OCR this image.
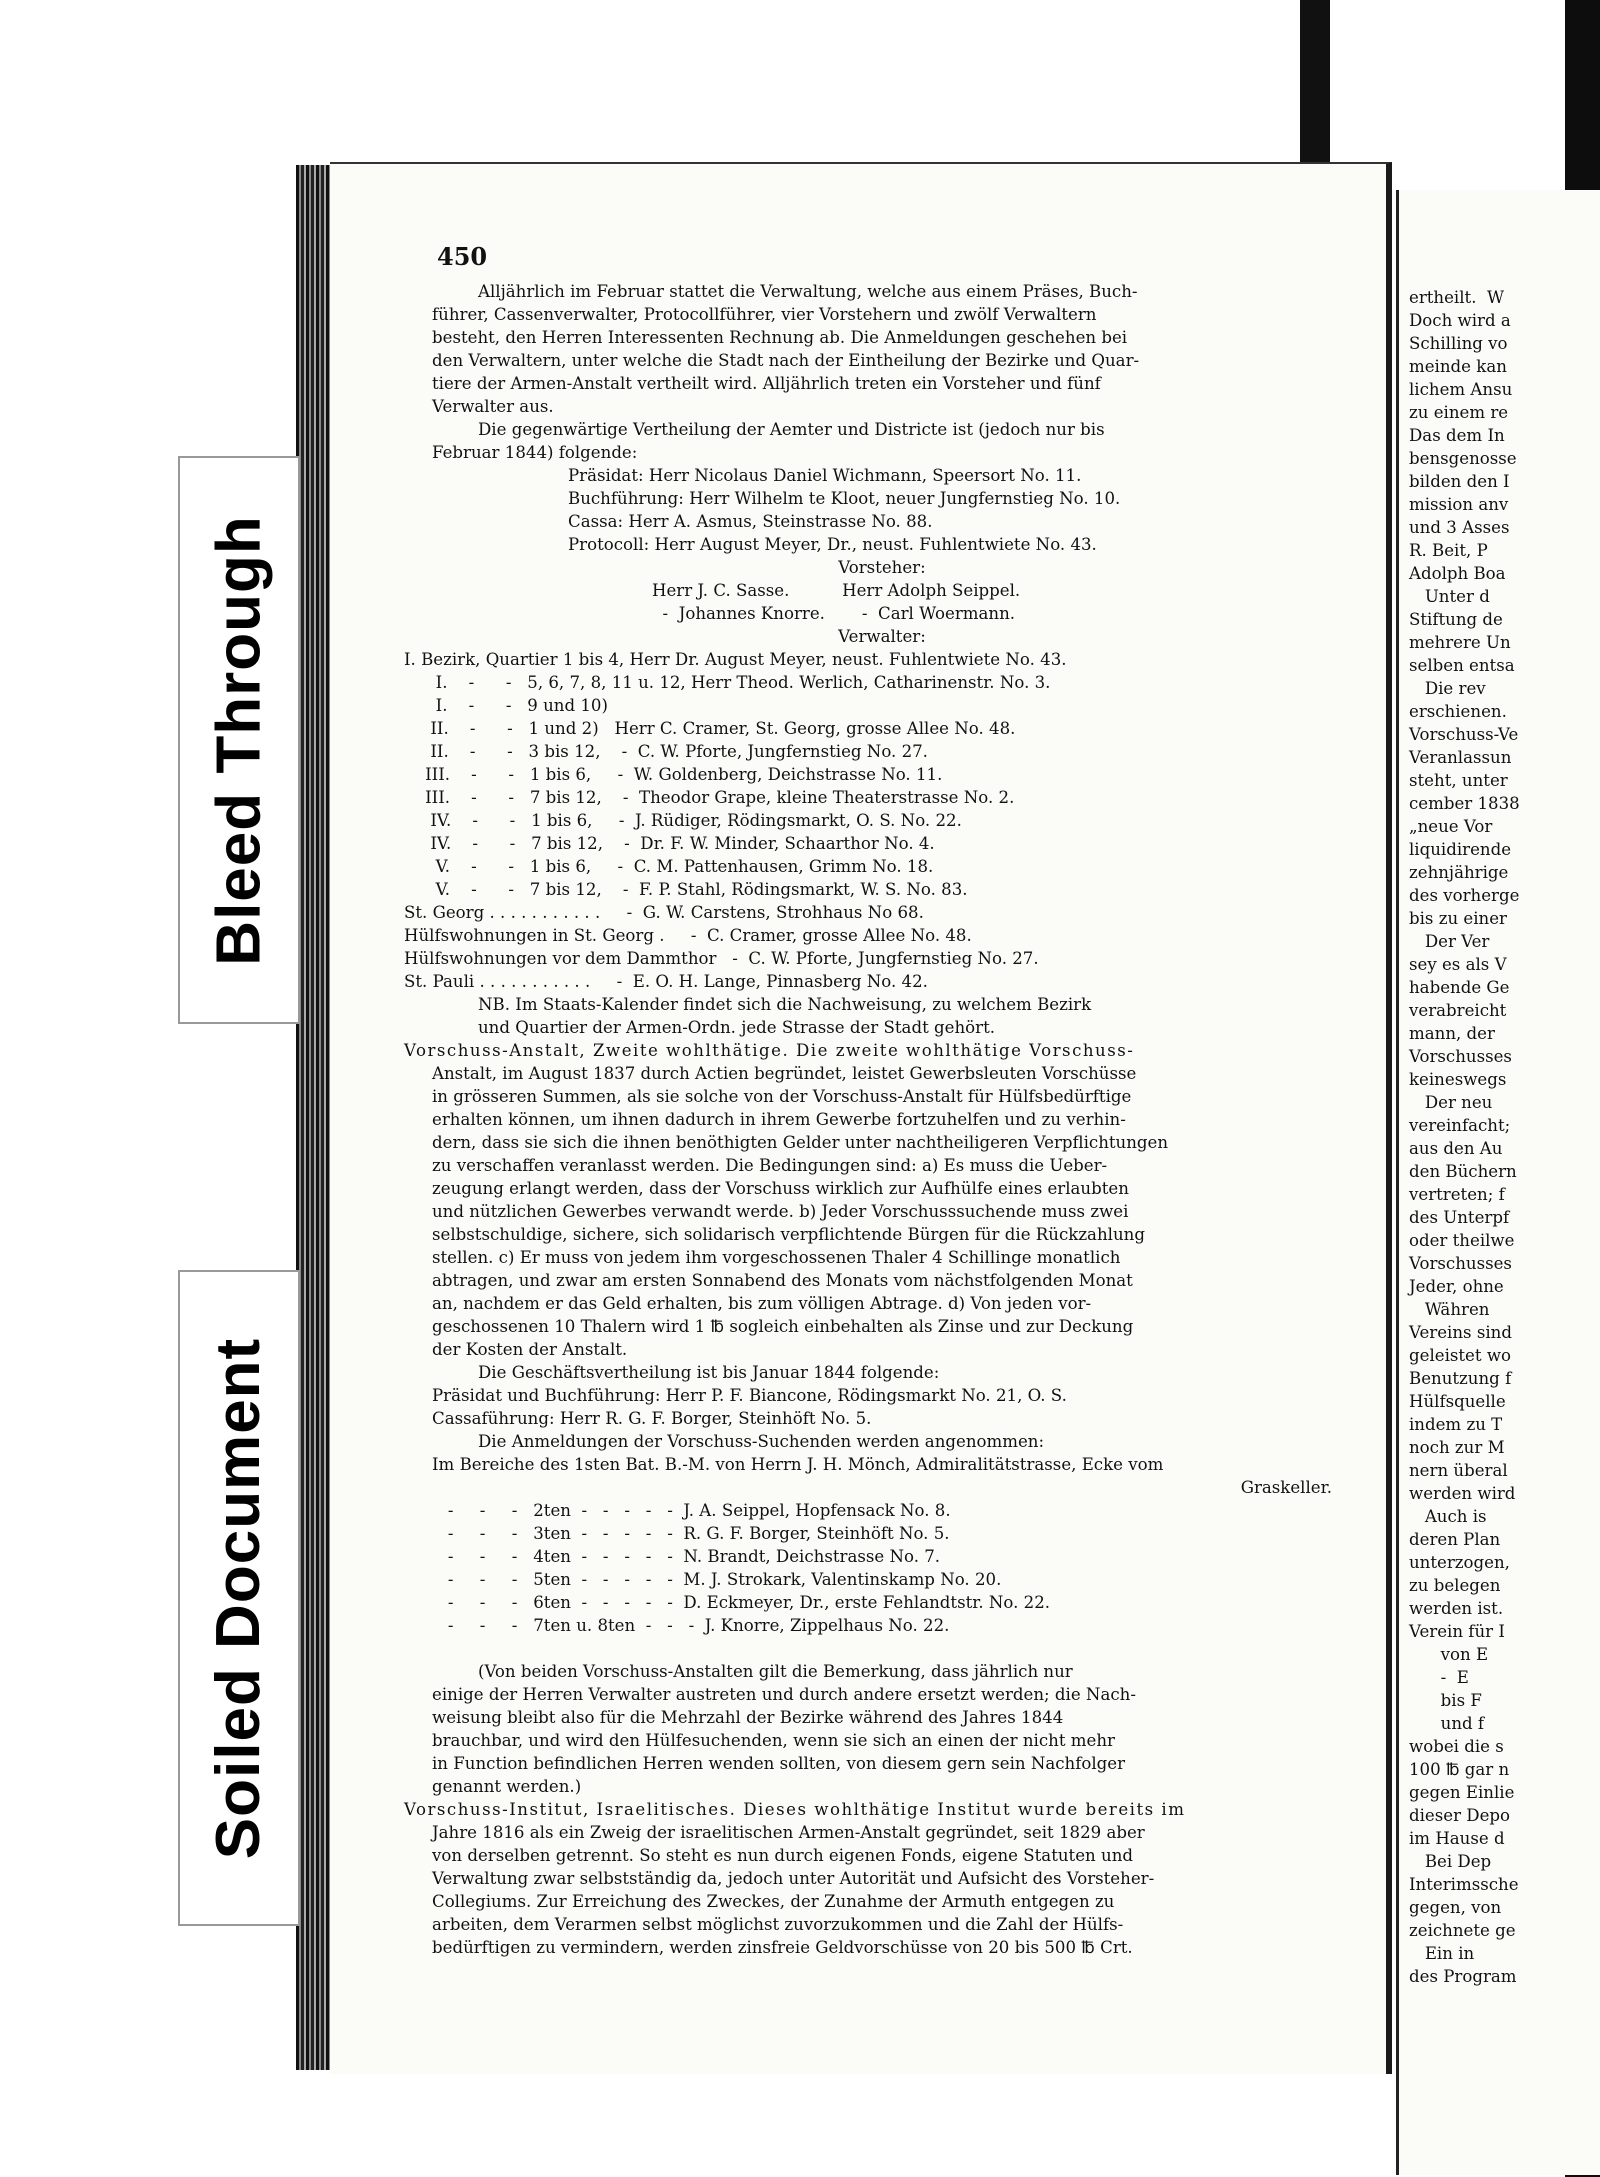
ertheilt.  W
Doch wird a
Schilling vo
meinde kan
lichem Ansu
zu einem re
Das dem In
bensgenosse
bilden den I
mission anv
und 3 Asses
R. Beit, P
Adolph Boa
Unter d
Stiftung de
mehrere Un
selben entsa
Die rev
erschienen.
Vorschuss-Ve
Veranlassun
steht, unter
cember 1838
„neue Vor
liquidirende
zehnjährige
des vorherge
bis zu einer
Der Ver
sey es als V
habende Ge
verabreicht
mann, der
Vorschusses
keineswegs
Der neu
vereinfacht;
aus den Au
den Büchern
vertreten; f
des Unterpf
oder theilwe
Vorschusses
Jeder, ohne
Währen
Vereins sind
geleistet wo
Benutzung f
Hülfsquelle
indem zu T
noch zur M
nern überal
werden wird
Auch is
deren Plan
unterzogen,
zu belegen
werden ist.
Verein für I
von E
-  E
bis F
und f
wobei die s
100 ℔ gar n
gegen Einlie
dieser Depo
im Hause d
Bei Dep
Interimssche
gegen, von
zeichnete ge
Ein in
des Program
Bleed Through
Soiled Document
450
Alljährlich im Februar stattet die Verwaltung, welche aus einem Präses, Buch-
führer, Cassenverwalter, Protocollführer, vier Vorstehern und zwölf Verwaltern
besteht, den Herren Interessenten Rechnung ab. Die Anmeldungen geschehen bei
den Verwaltern, unter welche die Stadt nach der Eintheilung der Bezirke und Quar-
tiere der Armen-Anstalt vertheilt wird. Alljährlich treten ein Vorsteher und fünf
Verwalter aus.
Die gegenwärtige Vertheilung der Aemter und Districte ist (jedoch nur bis
Februar 1844) folgende:
Präsidat: Herr Nicolaus Daniel Wichmann, Speersort No. 11.
Buchführung: Herr Wilhelm te Kloot, neuer Jungfernstieg No. 10.
Cassa: Herr A. Asmus, Steinstrasse No. 88.
Protocoll: Herr August Meyer, Dr., neust. Fuhlentwiete No. 43.
Vorsteher:
Herr J. C. Sasse.          Herr Adolph Seippel.
-  Johannes Knorre.       -  Carl Woermann.
Verwalter:
I. Bezirk, Quartier 1 bis 4, Herr Dr. August Meyer, neust. Fuhlentwiete No. 43.
I.    -      -   5, 6, 7, 8, 11 u. 12, Herr Theod. Werlich, Catharinenstr. No. 3.
I.    -      -   9 und 10)
II.    -      -   1 und 2)   Herr C. Cramer, St. Georg, grosse Allee No. 48.
II.    -      -   3 bis 12,    -  C. W. Pforte, Jungfernstieg No. 27.
III.    -      -   1 bis 6,     -  W. Goldenberg, Deichstrasse No. 11.
III.    -      -   7 bis 12,    -  Theodor Grape, kleine Theaterstrasse No. 2.
IV.    -      -   1 bis 6,     -  J. Rüdiger, Rödingsmarkt, O. S. No. 22.
IV.    -      -   7 bis 12,    -  Dr. F. W. Minder, Schaarthor No. 4.
V.    -      -   1 bis 6,     -  C. M. Pattenhausen, Grimm No. 18.
V.    -      -   7 bis 12,    -  F. P. Stahl, Rödingsmarkt, W. S. No. 83.
St. Georg . . . . . . . . . . .     -  G. W. Carstens, Strohhaus No 68.
Hülfswohnungen in St. Georg .     -  C. Cramer, grosse Allee No. 48.
Hülfswohnungen vor dem Dammthor   -  C. W. Pforte, Jungfernstieg No. 27.
St. Pauli . . . . . . . . . . .     -  E. O. H. Lange, Pinnasberg No. 42.
NB. Im Staats-Kalender findet sich die Nachweisung, zu welchem Bezirk
und Quartier der Armen-Ordn. jede Strasse der Stadt gehört.
Vorschuss-Anstalt, Zweite wohlthätige. Die zweite wohlthätige Vorschuss-
Anstalt, im August 1837 durch Actien begründet, leistet Gewerbsleuten Vorschüsse
in grösseren Summen, als sie solche von der Vorschuss-Anstalt für Hülfsbedürftige
erhalten können, um ihnen dadurch in ihrem Gewerbe fortzuhelfen und zu verhin-
dern, dass sie sich die ihnen benöthigten Gelder unter nachtheiligeren Verpflichtungen
zu verschaffen veranlasst werden. Die Bedingungen sind: a) Es muss die Ueber-
zeugung erlangt werden, dass der Vorschuss wirklich zur Aufhülfe eines erlaubten
und nützlichen Gewerbes verwandt werde. b) Jeder Vorschusssuchende muss zwei
selbstschuldige, sichere, sich solidarisch verpflichtende Bürgen für die Rückzahlung
stellen. c) Er muss von jedem ihm vorgeschossenen Thaler 4 Schillinge monatlich
abtragen, und zwar am ersten Sonnabend des Monats vom nächstfolgenden Monat
an, nachdem er das Geld erhalten, bis zum völligen Abtrage. d) Von jeden vor-
geschossenen 10 Thalern wird 1 ℔ sogleich einbehalten als Zinse und zur Deckung
der Kosten der Anstalt.
Die Geschäftsvertheilung ist bis Januar 1844 folgende:
Präsidat und Buchführung: Herr P. F. Biancone, Rödingsmarkt No. 21, O. S.
Cassaführung: Herr R. G. F. Borger, Steinhöft No. 5.
Die Anmeldungen der Vorschuss-Suchenden werden angenommen:
Im Bereiche des 1sten Bat. B.-M. von Herrn J. H. Mönch, Admiralitätstrasse, Ecke vom
Graskeller.
-     -     -   2ten  -   -   -   -   -  J. A. Seippel, Hopfensack No. 8.
-     -     -   3ten  -   -   -   -   -  R. G. F. Borger, Steinhöft No. 5.
-     -     -   4ten  -   -   -   -   -  N. Brandt, Deichstrasse No. 7.
-     -     -   5ten  -   -   -   -   -  M. J. Strokark, Valentinskamp No. 20.
-     -     -   6ten  -   -   -   -   -  D. Eckmeyer, Dr., erste Fehlandtstr. No. 22.
-     -     -   7ten u. 8ten  -   -   -  J. Knorre, Zippelhaus No. 22.
(Von beiden Vorschuss-Anstalten gilt die Bemerkung, dass jährlich nur
einige der Herren Verwalter austreten und durch andere ersetzt werden; die Nach-
weisung bleibt also für die Mehrzahl der Bezirke während des Jahres 1844
brauchbar, und wird den Hülfesuchenden, wenn sie sich an einen der nicht mehr
in Function befindlichen Herren wenden sollten, von diesem gern sein Nachfolger
genannt werden.)
Vorschuss-Institut, Israelitisches. Dieses wohlthätige Institut wurde bereits im
Jahre 1816 als ein Zweig der israelitischen Armen-Anstalt gegründet, seit 1829 aber
von derselben getrennt. So steht es nun durch eigenen Fonds, eigene Statuten und
Verwaltung zwar selbstständig da, jedoch unter Autorität und Aufsicht des Vorsteher-
Collegiums. Zur Erreichung des Zweckes, der Zunahme der Armuth entgegen zu
arbeiten, dem Verarmen selbst möglichst zuvorzukommen und die Zahl der Hülfs-
bedürftigen zu vermindern, werden zinsfreie Geldvorschüsse von 20 bis 500 ℔ Crt.
